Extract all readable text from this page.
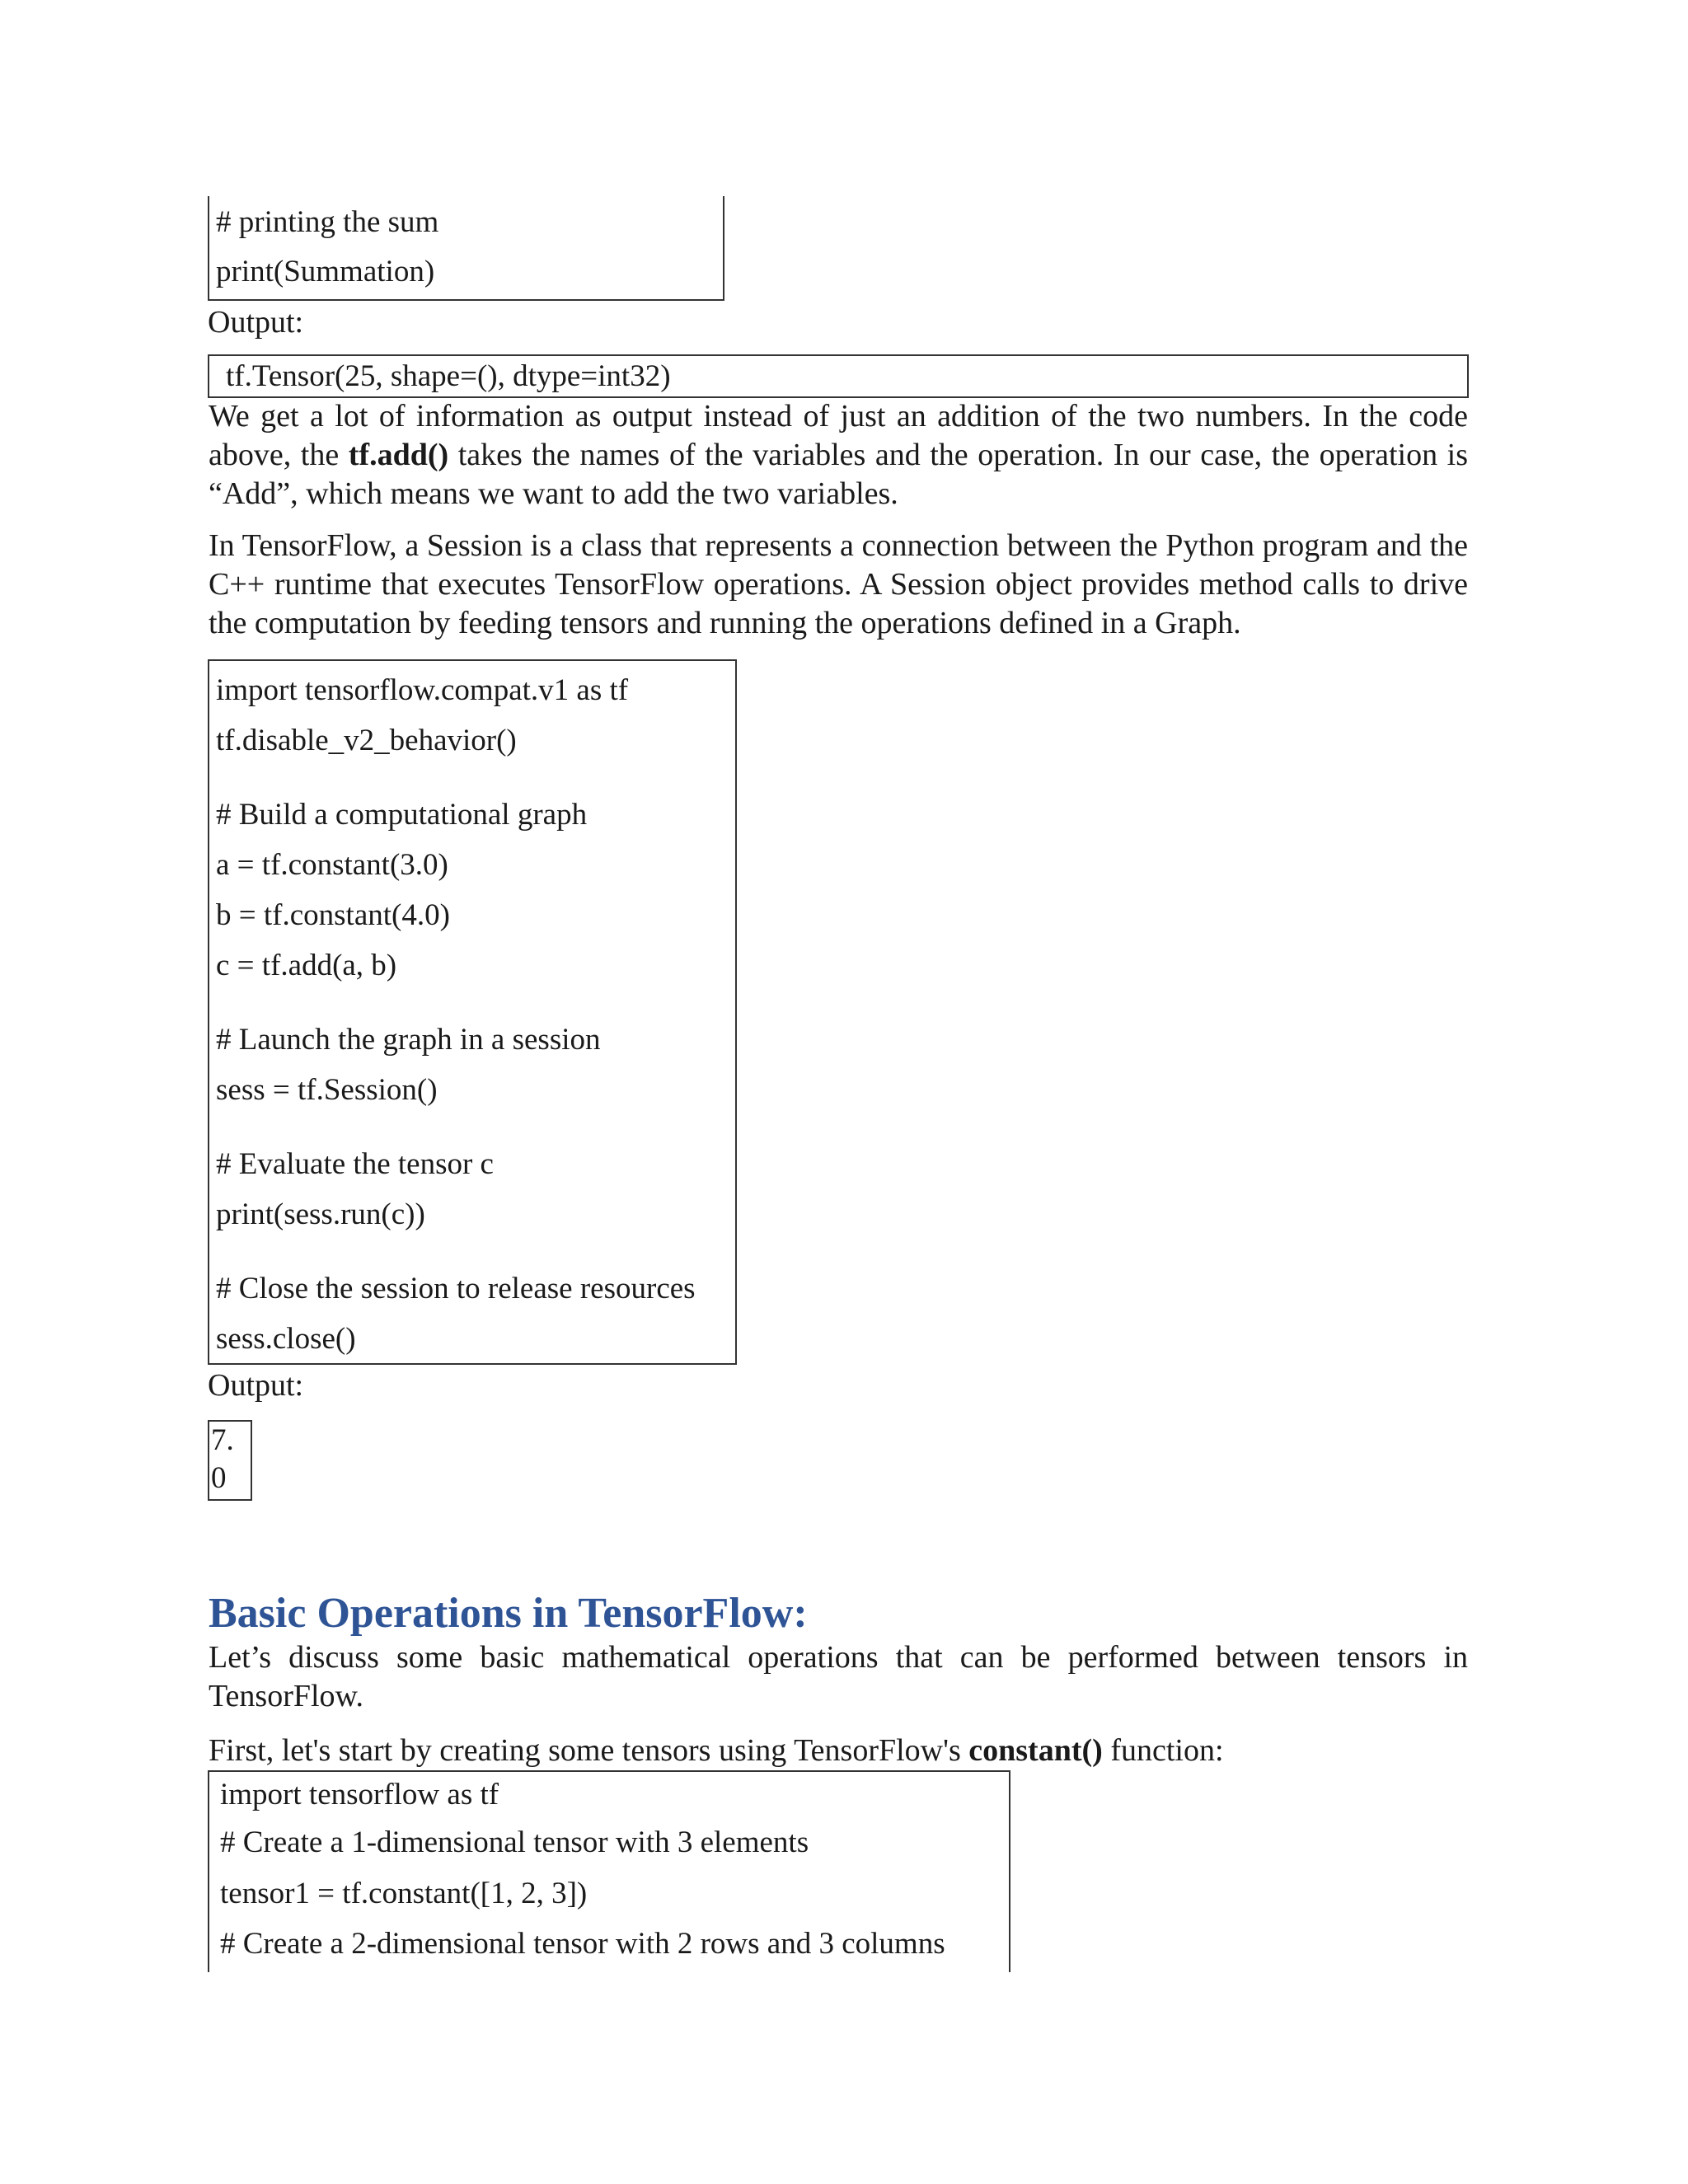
# printing the sum
print(Summation)
Output:
tf.Tensor(25, shape=(), dtype=int32)
We get a lot of information as output instead of just an addition of the two numbers. In the code above, the tf.add() takes the names of the variables and the operation. In our case, the operation is “Add”, which means we want to add the two variables.
In TensorFlow, a Session is a class that represents a connection between the Python program and the C++ runtime that executes TensorFlow operations. A Session object provides method calls to drive the computation by feeding tensors and running the operations defined in a Graph.
import tensorflow.compat.v1 as tf
tf.disable_v2_behavior()
# Build a computational graph
a = tf.constant(3.0)
b = tf.constant(4.0)
c = tf.add(a, b)
# Launch the graph in a session
sess = tf.Session()
# Evaluate the tensor c
print(sess.run(c))
# Close the session to release resources
sess.close()
Output:
7.
0
Basic Operations in TensorFlow:
Let’s discuss some basic mathematical operations that can be performed between tensors in TensorFlow.
First, let's start by creating some tensors using TensorFlow's constant() function:
import tensorflow as tf
# Create a 1-dimensional tensor with 3 elements
tensor1 = tf.constant([1, 2, 3])
# Create a 2-dimensional tensor with 2 rows and 3 columns
